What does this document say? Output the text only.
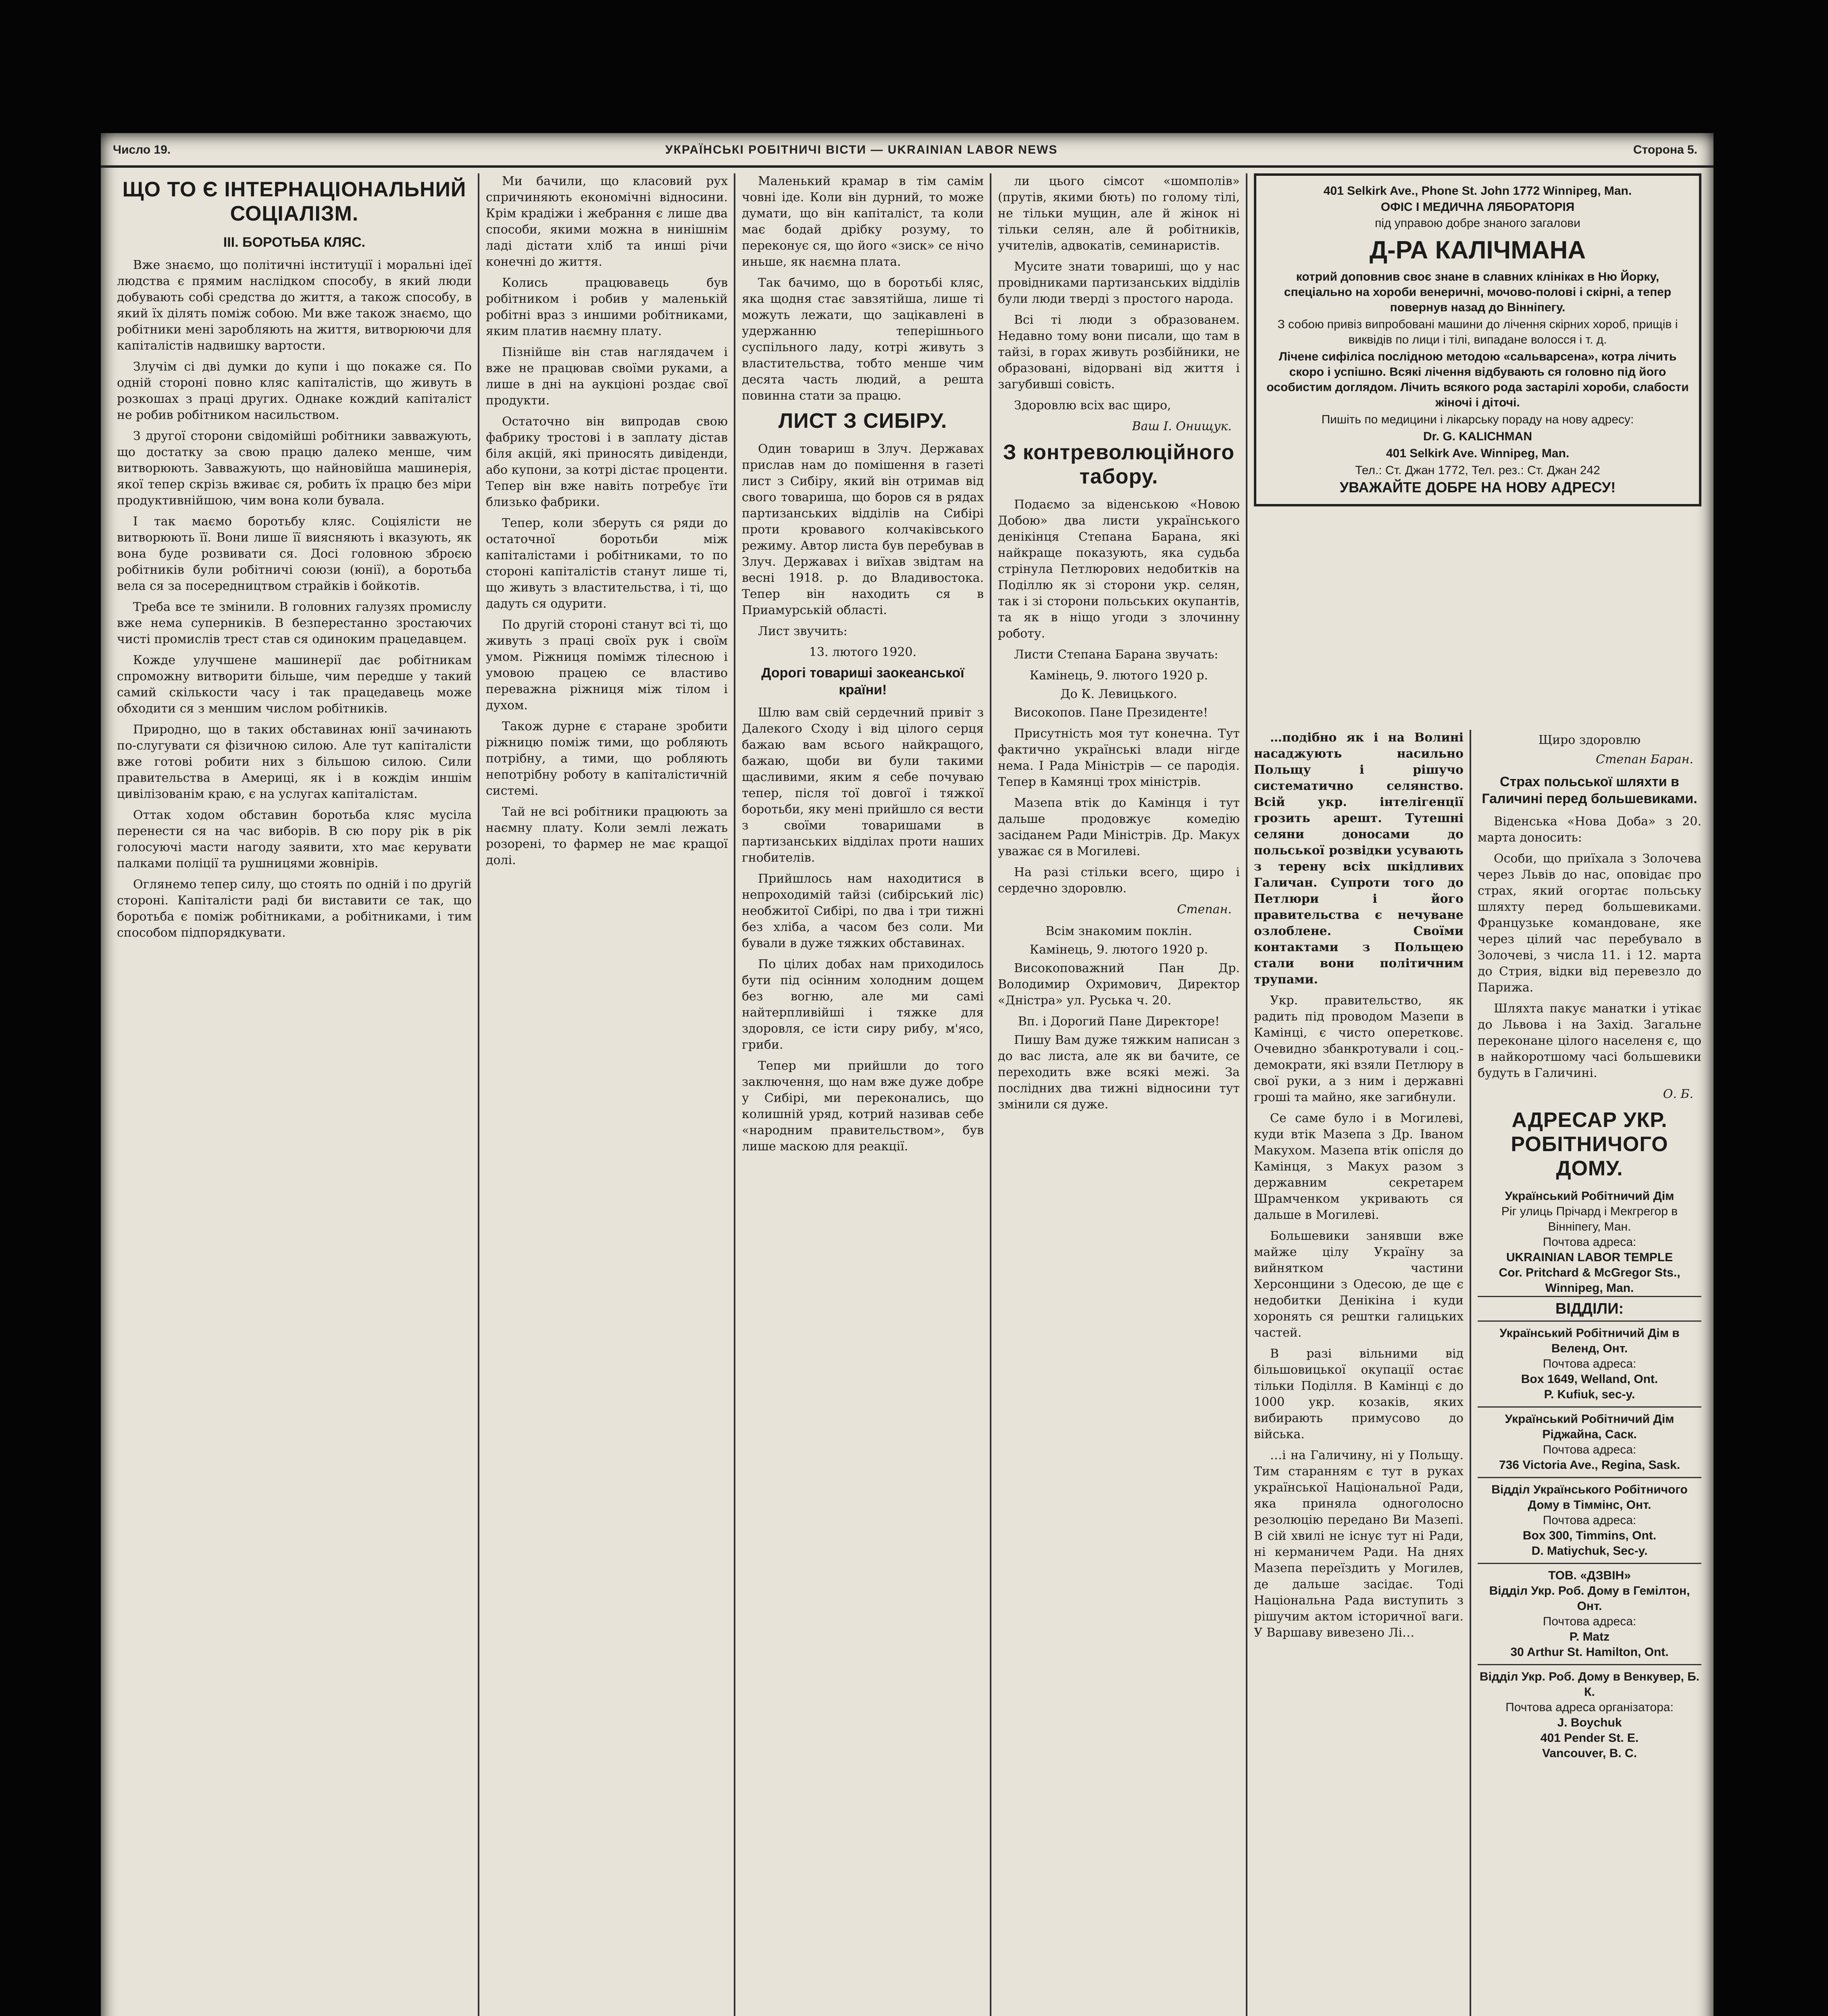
Число 19.	УКРАЇНСЬКІ РОБІТНИЧІ ВІСТИ — UKRAINIAN LABOR NEWS	Сторона 5.
ЩО ТО Є ІНТЕРНАЦІОНАЛЬНИЙ СОЦІАЛІЗМ.
III. БОРОТЬБА КЛЯС.

Вже знаємо, що політичні інституції і моральні ідеї людства є прямим наслідком способу, в який люди добувають собі средства до життя, а також способу, в який їх ділять поміж собою. Ми вже також знаємо, що робітники мені заробляють на життя, витворюючи для капіталістів надвишку вартости.

Злучім сі дві думки до купи і що покаже ся. По одній стороні повно кляс капіталістів, що живуть в розкошах з праці других. Однаке кождий капіталіст не робив робітником насильством.

З другої сторони свідомійші робітники завважують, що достатку за свою працю далеко менше, чим витворюють. Завважують, що найновійша машинерія, якої тепер скрізь вживає ся, робить їх працю без міри продуктивнійшою, чим вона коли бувала.

І так маємо боротьбу кляс. Соціялісти не витворюють її. Вони лише її виясняють і вказують, як вона буде розвивати ся. Досі головною зброєю робітників були робітничі союзи (юнії), а боротьба вела ся за посередництвом страйків і бойкотів.

Треба все те змінили. В головних галузях промислу вже нема суперників. В безперестанно зростаючих чисті промислів трест став ся одиноким працедавцем.

Кожде улучшене машинерії дає робітникам спроможну витворити більше, чим передше у такий самий скількости часу і так працедавець може обходити ся з меншим числом робітників.

Природно, що в таких обставинах юнії зачинають по-слугувати ся фізичною силою. Але тут капіталісти вже готові робити них з більшою силою. Сили правительства в Америці, як і в кождім иншім цивілізованім краю, є на услугах капіталістам.

Оттак ходом обставин боротьба кляс мусіла перенести ся на час виборів. В сю пору рік в рік голосуючі масти нагоду заявити, хто має керувати палками поліції та рушницями жовнірів.

Оглянемо тепер силу, що стоять по одній і по другій стороні. Капіталісти раді би виставити се так, що боротьба є поміж робітниками, а робітниками, і тим способом підпорядкувати.

Ми бачили, що класовий рух спричиняють економічні відносини. Крім крадіжи і жебрання є лише два способи, якими можна в нинішнім ладі дістати хліб та инші річи конечні до життя.

Колись працювавець був робітником і робив у маленькій робітні враз з иншими робітниками, яким платив наємну плату.

Пізнійше він став наглядачем і вже не працював своїми руками, а лише в дні на аукціоні роздає свої продукти.

Остаточно він випродав свою фабрику тростові і в заплату дістав біля акцій, які приносять дивіденди, або купони, за котрі дістає проценти. Тепер він вже навіть потребує їти близько фабрики.

Тепер, коли зберуть ся ряди до остаточної боротьби між капіталістами і робітниками, то по стороні капіталістів станут лише ті, що живуть з властительства, і ті, що дадуть ся одурити.

По другій стороні станут всі ті, що живуть з праці своїх рук і своїм умом. Ріжниця помімж тілесною і умовою працею се властиво переважна ріжниця між тілом і духом.

Також дурне є старане зробити ріжницю поміж тими, що робляють потрібну, а тими, що робляють непотрібну роботу в капіталістичній системі.

Тай не всі робітники працюють за наємну плату. Коли землі лежать розорені, то фармер не має кращої долі.

Маленький крамар в тім самім човні іде. Коли він дурний, то може думати, що він капіталіст, та коли має бодай дрібку розуму, то переконує ся, що його «зиск» се нічо иньше, як наємна плата.

Так бачимо, що в боротьбі кляс, яка щодня стає завзятійша, лише ті можуть лежати, що зацікавлені в удержанню теперішнього суспільного ладу, котрі живуть з властительства, тобто менше чим десята часть людий, а решта повинна стати за працю.

ЛИСТ З СИБІРУ.

Один товариш в Злуч. Державах прислав нам до помішення в газеті лист з Сибіру, який він отримав від свого товариша, що боров ся в рядах партизанських відділів на Сибірі проти кровавого колчаківського режиму. Автор листа був перебував в Злуч. Державах і виїхав звідтам на весні 1918. р. до Владивостока. Тепер він находить ся в Приамурській області.

Лист звучить:

13. лютого 1920.
Дорогі товариші заокеанської країни!

Шлю вам свій сердечний привіт з Далекого Сходу і від цілого серця бажаю вам всього найкращого, бажаю, щоби ви були такими щасливими, яким я себе почуваю тепер, після тої довгої і тяжкої боротьби, яку мені прийшло ся вести з своїми товаришами в партизанських відділах проти наших гнобителів.

Прийшлось нам находитися в непроходимій тайзі (сибірський ліс) необжитої Сибірі, по два і три тижні без хліба, а часом без соли. Ми бували в дуже тяжких обставинах.

По цілих добах нам приходилось бути під осінним холодним дощем без вогню, але ми самі найтерпливійші і тяжке для здоровля, се істи сиру рибу, м'ясо, гриби.

Тепер ми прийшли до того заключення, що нам вже дуже добре у Сибірі, ми переконались, що колишній уряд, котрий називав себе «народним правительством», був лише маскою для реакції.

ли цього сімсот «шомполів» (прутів, якими бють) по голому тілі, не тільки мущин, але й жінок ні тільки селян, але й робітників, учителів, адвокатів, семинаристів.

Мусите знати товариші, що у нас провідниками партизанських відділів були люди тверді з простого народа.

Всі ті люди з образованем. Недавно тому вони писали, що там в тайзі, в горах живуть розбійники, не образовані, відорвані від життя і загубивші совість.

Здоровлю всіх вас щиро,

Ваш І. Онищук.
З контреволюційного табору.

Подаємо за віденською «Новою Добою» два листи українського денікінця Степана Барана, які найкраще показують, яка судьба стрінула Петлюрових недобитків на Поділлю як зі сторони укр. селян, так і зі сторони польських окупантів, та як в ніщо угоди з злочинну роботу.

Листи Степана Барана звучать:

Камінець, 9. лютого 1920 р.
До К. Левицького.

Високопов. Пане Президенте!

Присутність моя тут конечна. Тут фактично українські влади нігде нема. І Рада Міністрів — се пародія. Тепер в Камянці трох міністрів.

Мазепа втік до Камінця і тут дальше продовжує комедію засіданем Ради Міністрів. Др. Макух уважає ся в Могилеві.

На разі стільки всего, щиро і сердечно здоровлю.

Степан.
Всім знакомим поклін.
Камінець, 9. лютого 1920 р.

Високоповажний Пан Др. Володимир Охримович, Директор «Дністра» ул. Руська ч. 20.

Вп. і Дорогий Пане Директоре!

Пишу Вам дуже тяжким написан з до вас листа, але як ви бачите, се переходить вже всякі межі. За послідних два тижні відносини тут змінили ся дуже.

401 Selkirk Ave., Phone St. John 1772 Winnipeg, Man.
ОФІС І МЕДИЧНА ЛЯБОРАТОРІЯ
під управою добре знаного загалови
Д-РА КАЛІЧМАНА
котрий доповнив своє знане в славних клініках в Ню Йорку, спеціально на хороби венеричні, мочово-полові і скірні, а тепер повернув назад до Вінніпегу.
З собою привіз випробовані машини до лічення скірних хороб, прищів і виквідів по лици і тілі, випадане волосся і т. д.
Лічене сифіліса послідною методою «сальварсена», котра лічить скоро і успішно. Всякі лічення відбувають ся головно під його особистим доглядом. Лічить всякого рода застарілі хороби, слабости жіночі і діточі.
Пишіть по медицини і лікарську пораду на нову адресу:
Dr. G. KALICHMAN
401 Selkirk Ave. Winnipeg, Man.
Тел.: Ст. Джан 1772, Тел. рез.: Ст. Джан 242
УВАЖАЙТЕ ДОБРЕ НА НОВУ АДРЕСУ!

…подібно як і на Волині насаджують насильно Польщу і рішучо систематично селянство. Всій укр. інтелігенції грозить арешт. Тутешні селяни доносами до польської розвідки усувають з терену всіх шкідливих Галичан. Супроти того до Петлюри і його правительства є нечуване озлоблене. Своїми контактами з Польщею стали вони політичним трупами.

Укр. правительство, як радить під проводом Мазепи в Камінці, є чисто оперетковє. Очевидно збанкротували і соц.-демократи, які взяли Петлюру в свої руки, а з ним і державні гроші та майно, яке загибнули.

Се саме було і в Могилеві, куди втік Мазепа з Др. Іваном Макухом. Мазепа втік опісля до Камінця, з Макух разом з державним секретарем Шрамченком укривають ся дальше в Могилеві.

Большевики занявши вже майже цілу Україну за вийнятком частини Херсонщини з Одесою, де ще є недобитки Денікіна і куди хоронять ся рештки галицьких частей.

В разі вільними від більшовицької окупації остає тільки Поділля. В Камінці є до 1000 укр. козаків, яких вибирають примусово до війська.

…і на Галичину, ні у Польщу. Тим старанням є тут в руках української Національної Ради, яка приняла одноголосно резолюцію передано Ви Мазепі. В сій хвилі не існує тут ні Ради, ні керманичем Ради. На днях Мазепа переїздить у Могилев, де дальше засідає. Тоді Національна Рада виступить з рішучим актом історичної ваги. У Варшаву вивезено Лі…

Щиро здоровлю
Степан Баран.
Страх польської шляхти в Галичині перед большевиками.

Віденська «Нова Доба» з 20. марта доносить:

Особи, що приїхала з Золочева через Львів до нас, оповідає про страх, який огортає польську шляхту перед большевиками. Французьке командоване, яке через цілий час перебувало в Золочеві, з числа 11. і 12. марта до Стрия, відки від перевезло до Парижа.

Шляхта пакує манатки і утікає до Львова і на Захід. Загальне переконане цілого населеня є, що в найкоротшому часі большевики будуть в Галичині.

О. Б.
АДРЕСАР УКР. РОБІТНИЧОГО ДОМУ.
Український Робітничий Дім
Ріг улиць Прічард і Мекгрегор в Вінніпегу, Ман.
Почтова адреса:
UKRAINIAN LABOR TEMPLE
Cor. Pritchard & McGregor Sts., Winnipeg, Man.
ВІДДІЛИ:
Український Робітничий Дім в Веленд, Онт.
Почтова адреса:
Box 1649, Welland, Ont.
P. Kufiuk, sec-y.
Український Робітничий Дім Ріджайна, Саск.
Почтова адреса:
736 Victoria Ave., Regina, Sask.
Відділ Українського Робітничого Дому в Тіммінс, Онт.
Почтова адреса:
Box 300, Timmins, Ont.
D. Matiychuk, Sec-y.
ТОВ. «ДЗВІН»
Відділ Укр. Роб. Дому в Гемілтон, Онт.
Почтова адреса:
P. Matz
30 Arthur St. Hamilton, Ont.
Відділ Укр. Роб. Дому в Венкувер, Б. К.
Почтова адреса організатора:
J. Boychuk
401 Pender St. E.
Vancouver, B. C.
